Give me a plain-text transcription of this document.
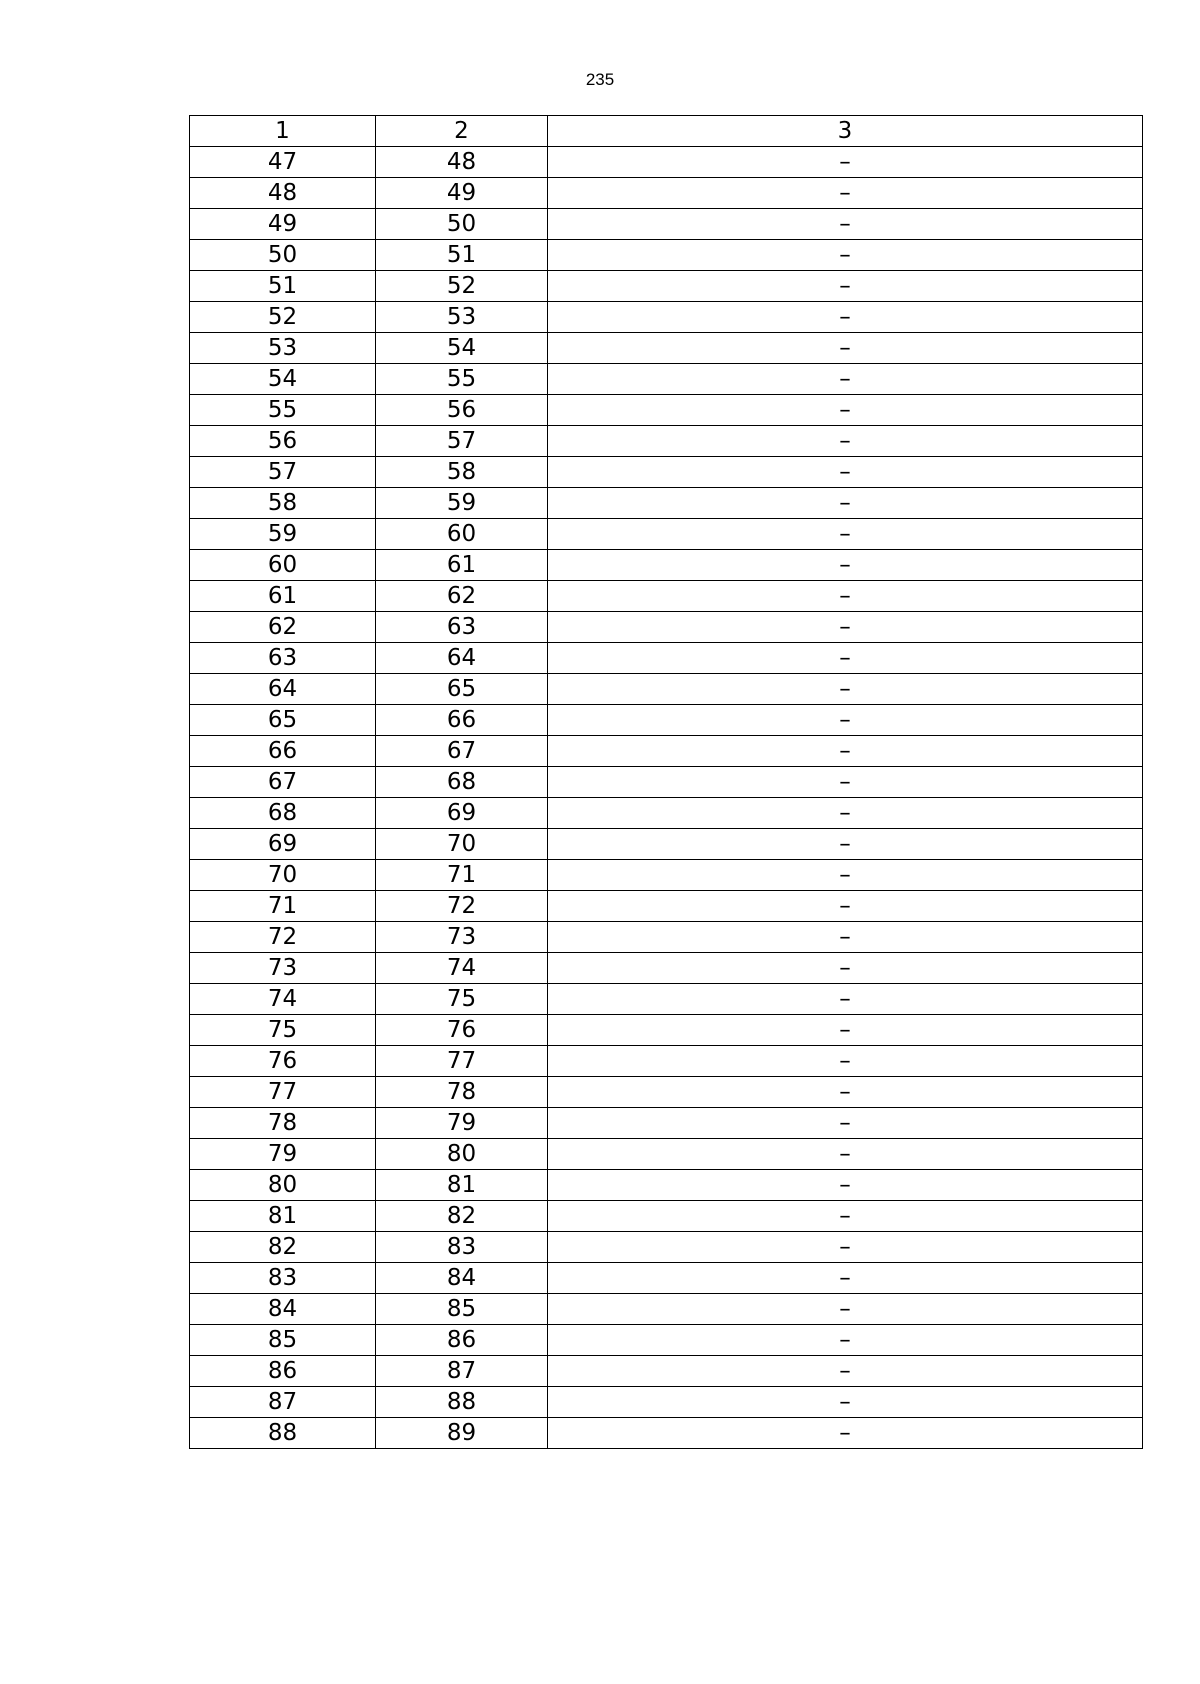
235
1	2	3
47	48	–
48	49	–
49	50	–
50	51	–
51	52	–
52	53	–
53	54	–
54	55	–
55	56	–
56	57	–
57	58	–
58	59	–
59	60	–
60	61	–
61	62	–
62	63	–
63	64	–
64	65	–
65	66	–
66	67	–
67	68	–
68	69	–
69	70	–
70	71	–
71	72	–
72	73	–
73	74	–
74	75	–
75	76	–
76	77	–
77	78	–
78	79	–
79	80	–
80	81	–
81	82	–
82	83	–
83	84	–
84	85	–
85	86	–
86	87	–
87	88	–
88	89	–
